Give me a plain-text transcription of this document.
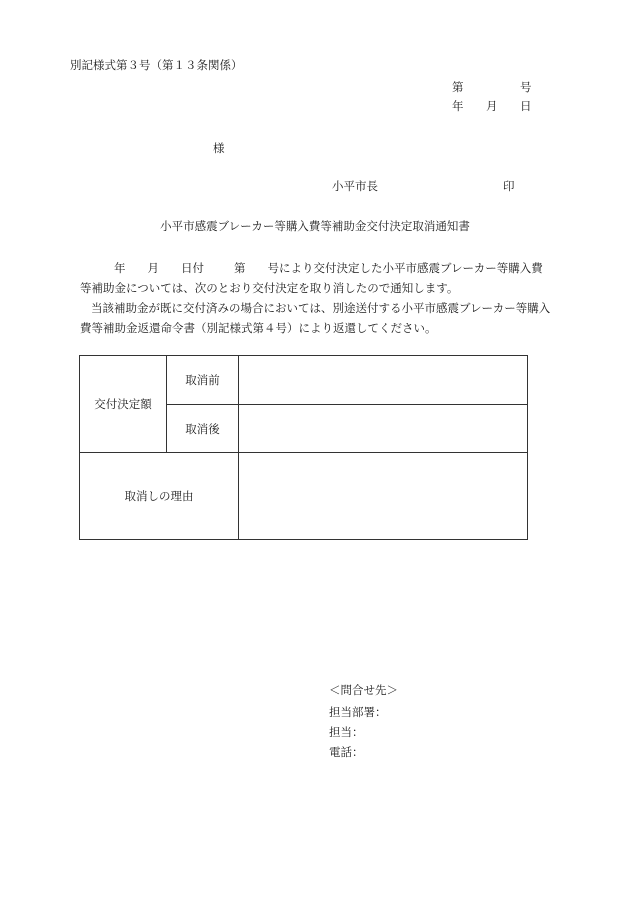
別記様式第３号（第１３条関係）
第	号
年 月 日
様
小平市長	印
小平市感震ブレーカー等購入費等補助金交付決定取消通知書
年 月 日付	第 号により交付決定した小平市感震ブレーカー等購入費
等補助金については、次のとおり交付決定を取り消したので通知します。
当該補助金が既に交付済みの場合においては、別途送付する小平市感震ブレーカー等購入
費等補助金返還命令書（別記様式第４号）により返還してください。
交付決定額	取消前	
	取消後	
取消しの理由		
＜問合せ先＞
担当部署：
担当：
電話：
